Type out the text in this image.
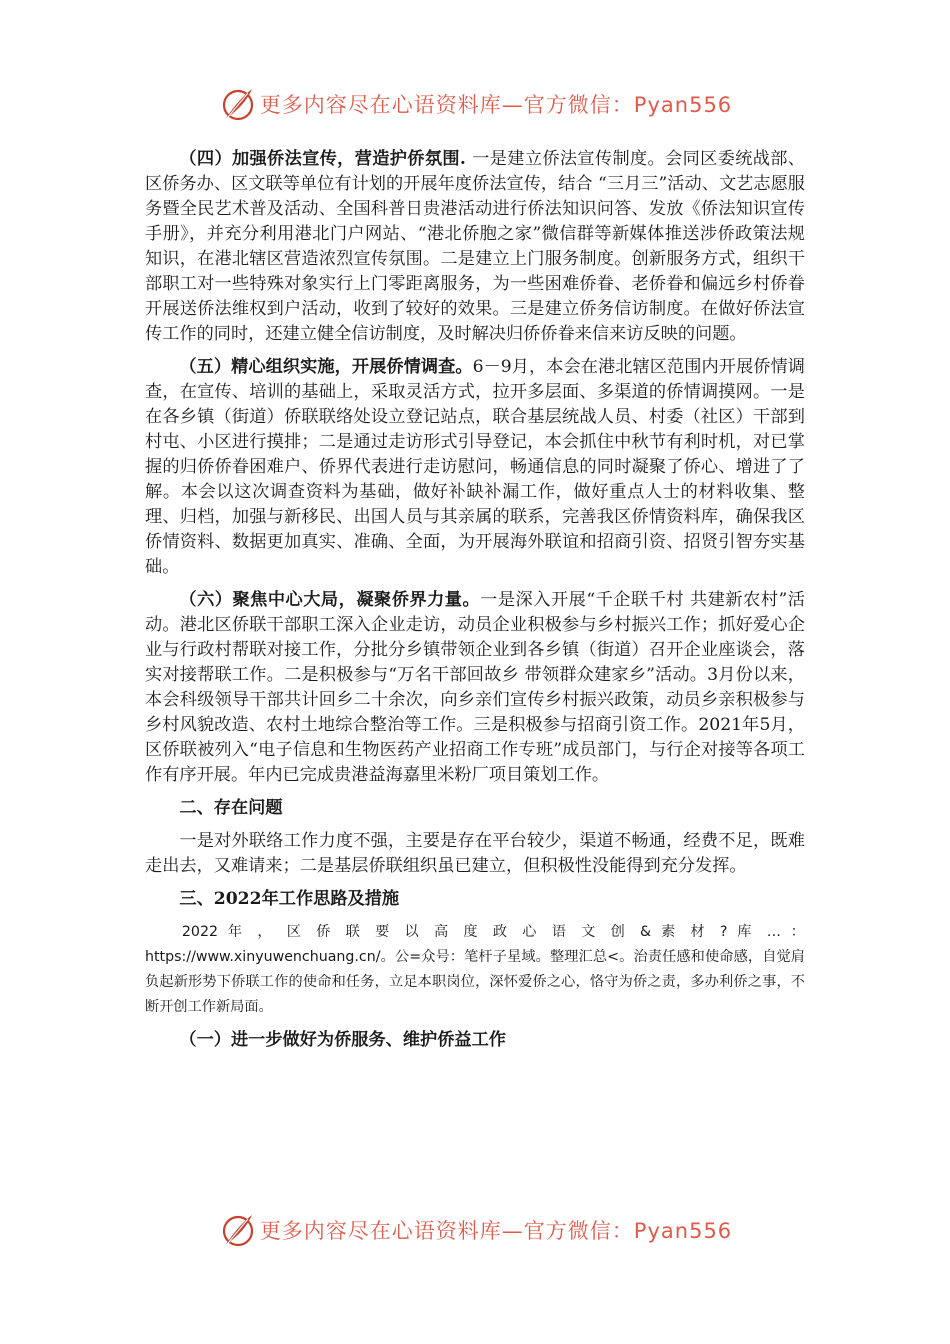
更多内容尽在心语资料库—官方微信：Pyan556

（四）加强侨法宣传，营造护侨氛围. 一是建立侨法宣传制度。会同区委统战部、区侨务办、区文联等单位有计划的开展年度侨法宣传，结合 “三月三”活动、文艺志愿服务暨全民艺术普及活动、全国科普日贵港活动进行侨法知识问答、发放《侨法知识宣传手册》，并充分利用港北门户网站、“港北侨胞之家”微信群等新媒体推送涉侨政策法规知识，在港北辖区营造浓烈宣传氛围。二是建立上门服务制度。创新服务方式，组织干部职工对一些特殊对象实行上门零距离服务，为一些困难侨眷、老侨眷和偏远乡村侨眷开展送侨法维权到户活动，收到了较好的效果。三是建立侨务信访制度。在做好侨法宣传工作的同时，还建立健全信访制度，及时解决归侨侨眷来信来访反映的问题。

（五）精心组织实施，开展侨情调查。6－9月，本会在港北辖区范围内开展侨情调查，在宣传、培训的基础上，采取灵活方式，拉开多层面、多渠道的侨情调摸网。一是在各乡镇（街道）侨联联络处设立登记站点，联合基层统战人员、村委（社区）干部到村屯、小区进行摸排；二是通过走访形式引导登记，本会抓住中秋节有利时机，对已掌握的归侨侨眷困难户、侨界代表进行走访慰问，畅通信息的同时凝聚了侨心、增进了了解。本会以这次调查资料为基础，做好补缺补漏工作，做好重点人士的材料收集、整理、归档，加强与新移民、出国人员与其亲属的联系，完善我区侨情资料库，确保我区侨情资料、数据更加真实、准确、全面，为开展海外联谊和招商引资、招贤引智夯实基础。

（六）聚焦中心大局，凝聚侨界力量。一是深入开展“千企联千村 共建新农村”活动。港北区侨联干部职工深入企业走访，动员企业积极参与乡村振兴工作；抓好爱心企业与行政村帮联对接工作，分批分乡镇带领企业到各乡镇（街道）召开企业座谈会，落实对接帮联工作。二是积极参与“万名干部回故乡 带领群众建家乡”活动。3月份以来，本会科级领导干部共计回乡二十余次，向乡亲们宣传乡村振兴政策，动员乡亲积极参与乡村风貌改造、农村土地综合整治等工作。三是积极参与招商引资工作。2021年5月，区侨联被列入“电子信息和生物医药产业招商工作专班”成员部门，与行企对接等各项工作有序开展。年内已完成贵港益海嘉里米粉厂项目策划工作。

二、存在问题

一是对外联络工作力度不强，主要是存在平台较少，渠道不畅通，经费不足，既难走出去，又难请来；二是基层侨联组织虽已建立，但积极性没能得到充分发挥。

三、2022年工作思路及措施

2022 年 ， 区 侨 联 要 以 高 度 政 心 语 文 创 & 素 材 ? 库 … ： https://www.xinyuwenchuang.cn/。公=众号：笔杆子星域。整理汇总<。治责任感和使命感，自觉肩负起新形势下侨联工作的使命和任务，立足本职岗位，深怀爱侨之心，恪守为侨之责，多办利侨之事，不断开创工作新局面。

（一）进一步做好为侨服务、维护侨益工作

更多内容尽在心语资料库—官方微信：Pyan556
